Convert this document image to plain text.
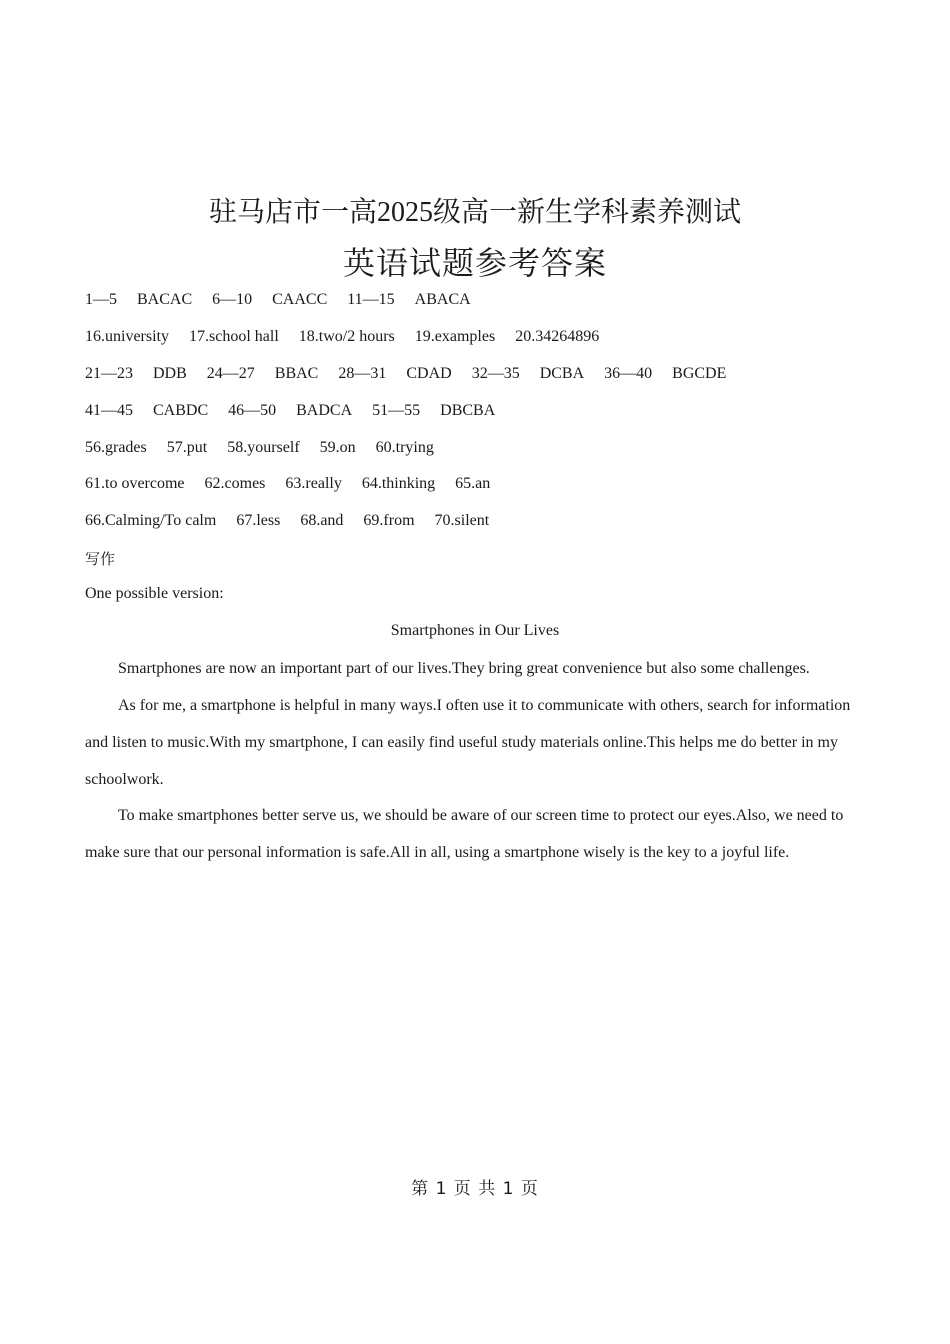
驻马店市一高2025级高一新生学科素养测试
英语试题参考答案
1—5 BACAC 6—10 CAACC 11—15 ABACA
16.university 17.school hall 18.two/2 hours 19.examples 20.34264896
21—23 DDB 24—27 BBAC 28—31 CDAD 32—35 DCBA 36—40 BGCDE
41—45 CABDC 46—50 BADCA 51—55 DBCBA
56.grades 57.put 58.yourself 59.on 60.trying
61.to overcome 62.comes 63.really 64.thinking 65.an
66.Calming/To calm 67.less 68.and 69.from 70.silent
写作
One possible version:
Smartphones in Our Lives
Smartphones are now an important part of our lives.They bring great convenience but also some challenges.
As for me, a smartphone is helpful in many ways.I often use it to communicate with others, search for information and listen to music.With my smartphone, I can easily find useful study materials online.This helps me do better in my schoolwork.
To make smartphones better serve us, we should be aware of our screen time to protect our eyes.Also, we need to make sure that our personal information is safe.All in all, using a smartphone wisely is the key to a joyful life.
第 1 页 共 1 页
